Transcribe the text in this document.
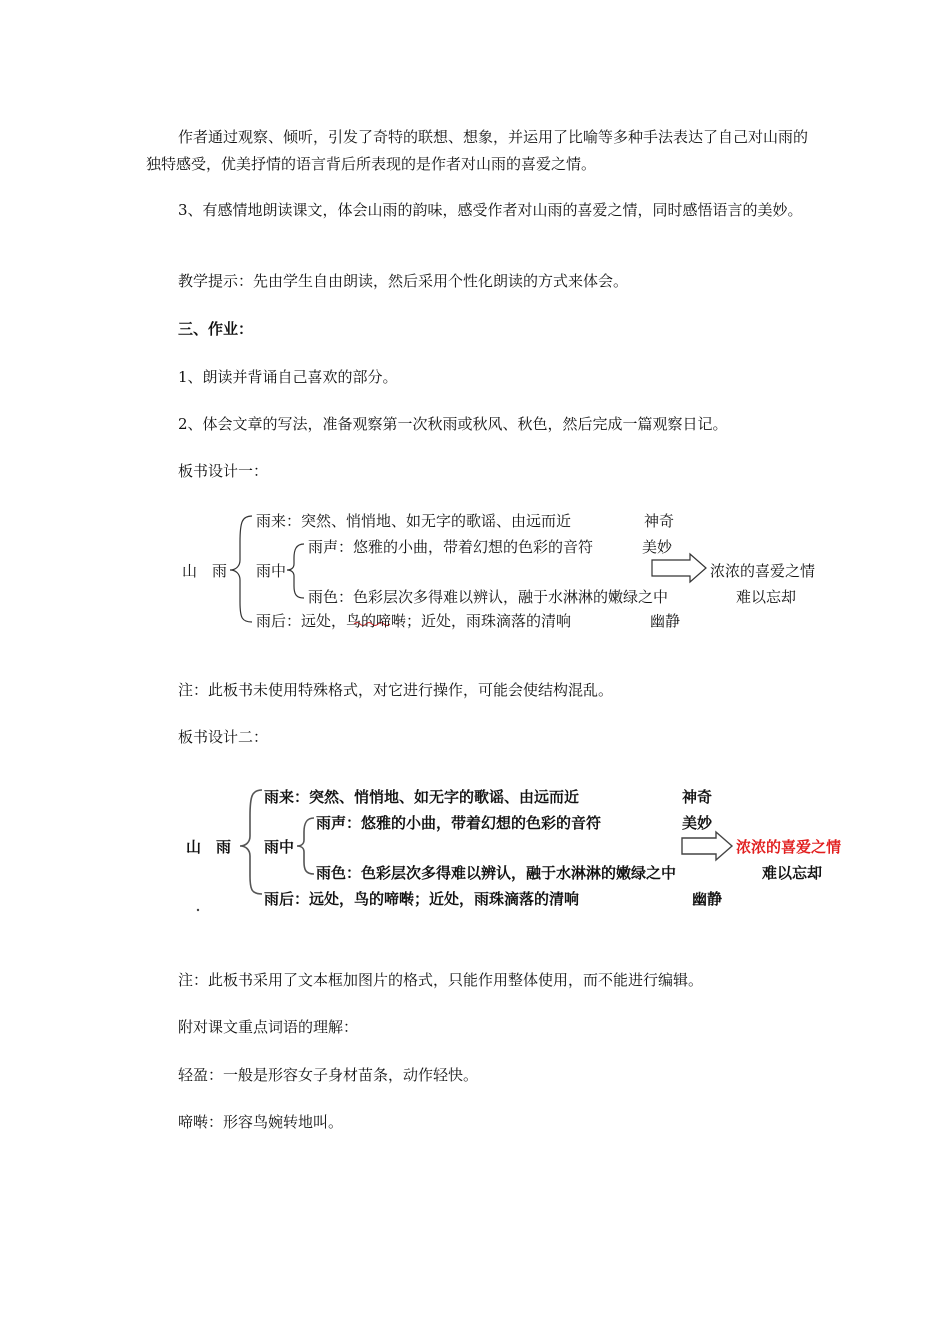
作者通过观察、倾听，引发了奇特的联想、想象，并运用了比喻等多种手法表达了自己对山雨的独特感受，优美抒情的语言背后所表现的是作者对山雨的喜爱之情。
3、有感情地朗读课文，体会山雨的韵味，感受作者对山雨的喜爱之情，同时感悟语言的美妙。
教学提示：先由学生自由朗读，然后采用个性化朗读的方式来体会。
三、作业：
1、朗读并背诵自己喜欢的部分。
2、体会文章的写法，准备观察第一次秋雨或秋风、秋色，然后完成一篇观察日记。
板书设计一：
山　雨
雨来：突然、悄悄地、如无字的歌谣、由远而近	神奇
雨中
雨声：悠雅的小曲，带着幻想的色彩的音符	美妙
雨色：色彩层次多得难以辨认，融于水淋淋的嫩绿之中	难以忘却
雨后：远处，鸟的啼啭；近处，雨珠滴落的清响	幽静
浓浓的喜爱之情
注：此板书未使用特殊格式，对它进行操作，可能会使结构混乱。
板书设计二：
山　雨
雨来：突然、悄悄地、如无字的歌谣、由远而近	神奇
雨中
雨声：悠雅的小曲，带着幻想的色彩的音符	美妙
雨色：色彩层次多得难以辨认，融于水淋淋的嫩绿之中	难以忘却
雨后：远处，鸟的啼啭；近处，雨珠滴落的清响	幽静
浓浓的喜爱之情
注：此板书采用了文本框加图片的格式，只能作用整体使用，而不能进行编辑。
附对课文重点词语的理解：
轻盈：一般是形容女子身材苗条，动作轻快。
啼啭：形容鸟婉转地叫。
